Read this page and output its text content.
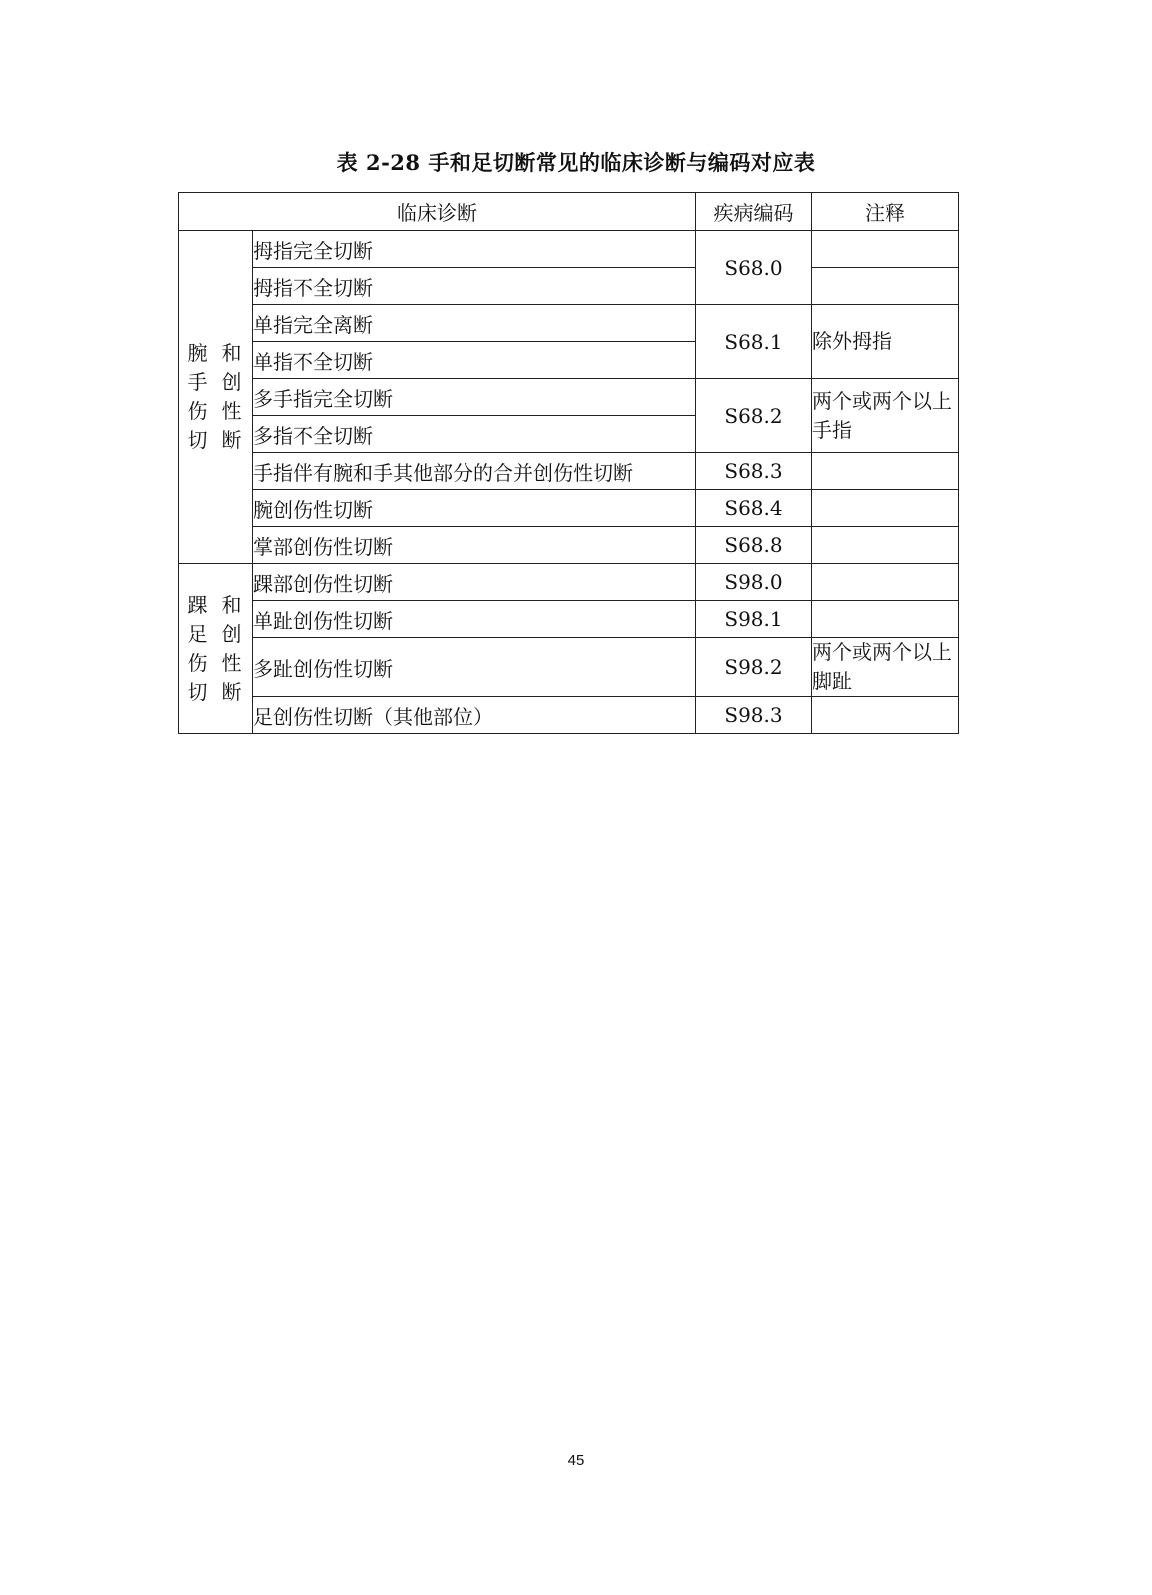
表 2-28 手和足切断常见的临床诊断与编码对应表
临床诊断		疾病编码	注释

腕和手创伤性切断	拇指完全切断	S68.0	
	拇指不全切断		
	单指完全离断	S68.1	除外拇指
	单指不全切断		
	多手指完全切断	S68.2	两个或两个以上手指
	多指不全切断		
	手指伴有腕和手其他部分的合并创伤性切断	S68.3	
	腕创伤性切断	S68.4	
	掌部创伤性切断	S68.8	

踝和足创伤性切断	踝部创伤性切断	S98.0	
	单趾创伤性切断	S98.1	
	多趾创伤性切断	S98.2	两个或两个以上脚趾
	足创伤性切断（其他部位）	S98.3	
45
